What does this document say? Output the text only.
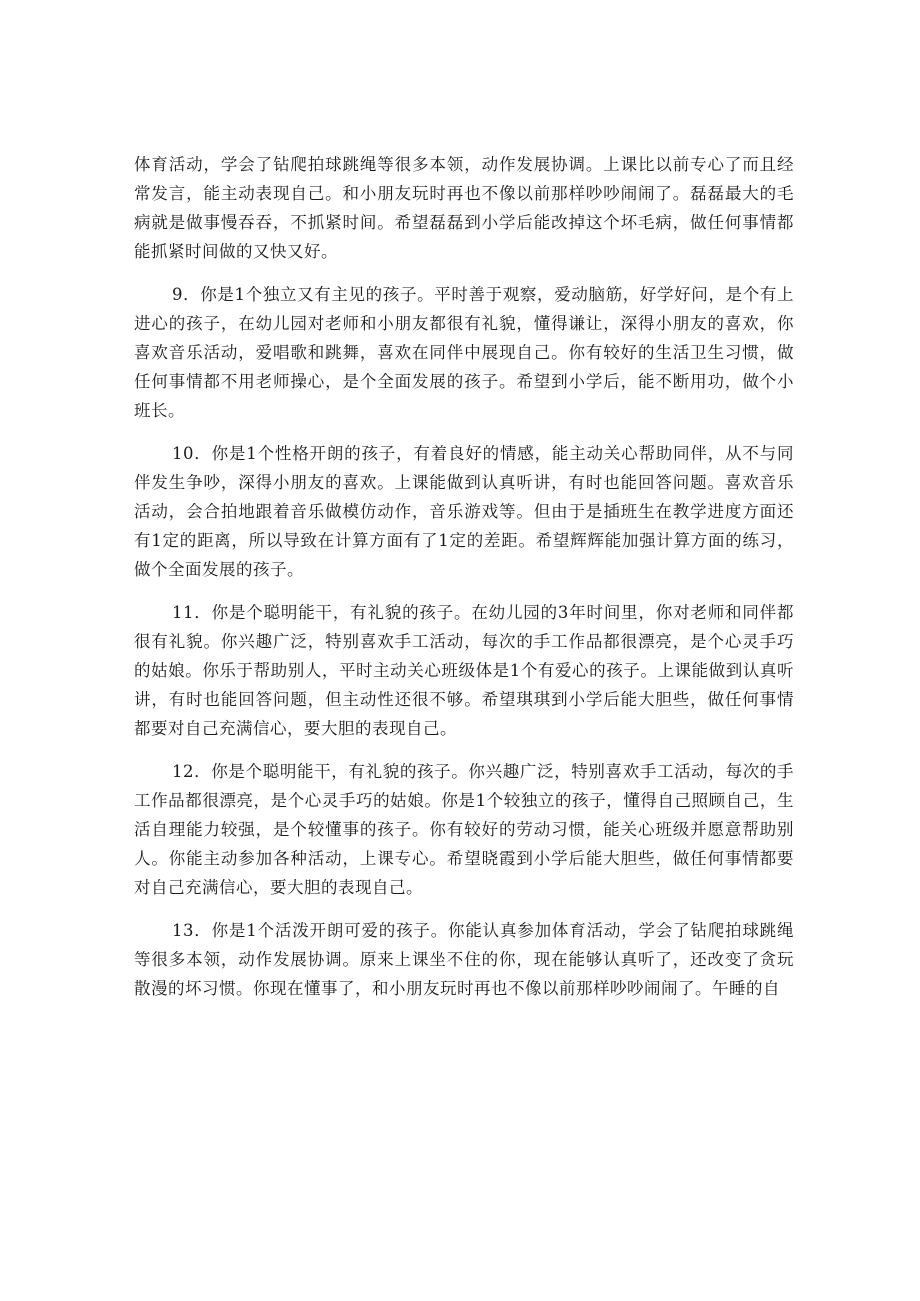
体育活动，学会了钻爬拍球跳绳等很多本领，动作发展协调。上课比以前专心了而且经常发言，能主动表现自己。和小朋友玩时再也不像以前那样吵吵闹闹了。磊磊最大的毛病就是做事慢吞吞，不抓紧时间。希望磊磊到小学后能改掉这个坏毛病，做任何事情都能抓紧时间做的又快又好。

9．你是1个独立又有主见的孩子。平时善于观察，爱动脑筋，好学好问，是个有上进心的孩子，在幼儿园对老师和小朋友都很有礼貌，懂得谦让，深得小朋友的喜欢，你喜欢音乐活动，爱唱歌和跳舞，喜欢在同伴中展现自己。你有较好的生活卫生习惯，做任何事情都不用老师操心，是个全面发展的孩子。希望到小学后，能不断用功，做个小班长。

10．你是1个性格开朗的孩子，有着良好的情感，能主动关心帮助同伴，从不与同伴发生争吵，深得小朋友的喜欢。上课能做到认真听讲，有时也能回答问题。喜欢音乐活动，会合拍地跟着音乐做模仿动作，音乐游戏等。但由于是插班生在教学进度方面还有1定的距离，所以导致在计算方面有了1定的差距。希望辉辉能加强计算方面的练习，做个全面发展的孩子。

11．你是个聪明能干，有礼貌的孩子。在幼儿园的3年时间里，你对老师和同伴都很有礼貌。你兴趣广泛，特别喜欢手工活动，每次的手工作品都很漂亮，是个心灵手巧的姑娘。你乐于帮助别人，平时主动关心班级体是1个有爱心的孩子。上课能做到认真听讲，有时也能回答问题，但主动性还很不够。希望琪琪到小学后能大胆些，做任何事情都要对自己充满信心，要大胆的表现自己。

12．你是个聪明能干，有礼貌的孩子。你兴趣广泛，特别喜欢手工活动，每次的手工作品都很漂亮，是个心灵手巧的姑娘。你是1个较独立的孩子，懂得自己照顾自己，生活自理能力较强，是个较懂事的孩子。你有较好的劳动习惯，能关心班级并愿意帮助别人。你能主动参加各种活动，上课专心。希望晓霞到小学后能大胆些，做任何事情都要对自己充满信心，要大胆的表现自己。

13．你是1个活泼开朗可爱的孩子。你能认真参加体育活动，学会了钻爬拍球跳绳等很多本领，动作发展协调。原来上课坐不住的你，现在能够认真听了，还改变了贪玩散漫的坏习惯。你现在懂事了，和小朋友玩时再也不像以前那样吵吵闹闹了。午睡的自
